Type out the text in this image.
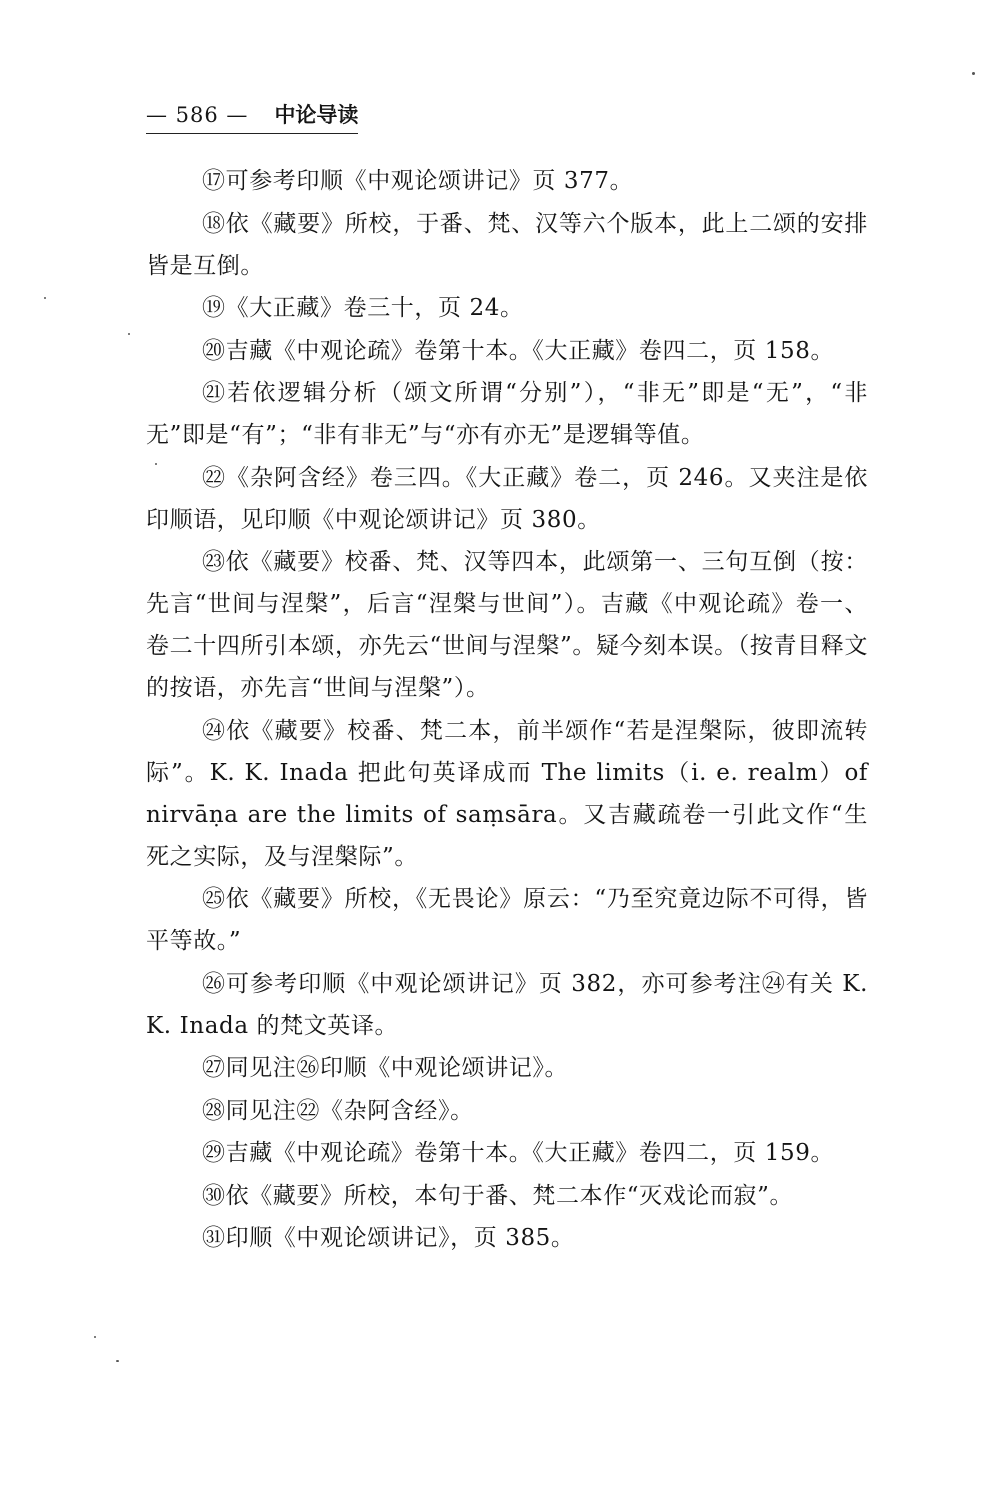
— 586 — 中论导读
⑰可参考印顺《中观论颂讲记》页 377。
⑱依《藏要》所校，于番、梵、汉等六个版本，此上二颂的安排皆是互倒。
⑲《大正藏》卷三十，页 24。
⑳吉藏《中观论疏》卷第十本。《大正藏》卷四二，页 158。
㉑若依逻辑分析（颂文所谓“分别”），“非无”即是“无”，“非无”即是“有”；“非有非无”与“亦有亦无”是逻辑等值。
㉒《杂阿含经》卷三四。《大正藏》卷二，页 246。又夹注是依印顺语，见印顺《中观论颂讲记》页 380。
㉓依《藏要》校番、梵、汉等四本，此颂第一、三句互倒（按：先言“世间与涅槃”，后言“涅槃与世间”）。吉藏《中观论疏》卷一、卷二十四所引本颂，亦先云“世间与涅槃”。疑今刻本误。（按青目释文的按语，亦先言“世间与涅槃”）。
㉔依《藏要》校番、梵二本，前半颂作“若是涅槃际，彼即流转际”。K. K. Inada 把此句英译成而 The limits（i. e. realm）of nirvāṇa are the limits of saṃsāra。又吉藏疏卷一引此文作“生死之实际，及与涅槃际”。
㉕依《藏要》所校，《无畏论》原云：“乃至究竟边际不可得，皆平等故。”
㉖可参考印顺《中观论颂讲记》页 382，亦可参考注㉔有关 K. K. Inada 的梵文英译。
㉗同见注㉖印顺《中观论颂讲记》。
㉘同见注㉒《杂阿含经》。
㉙吉藏《中观论疏》卷第十本。《大正藏》卷四二，页 159。
㉚依《藏要》所校，本句于番、梵二本作“灭戏论而寂”。
㉛印顺《中观论颂讲记》，页 385。
